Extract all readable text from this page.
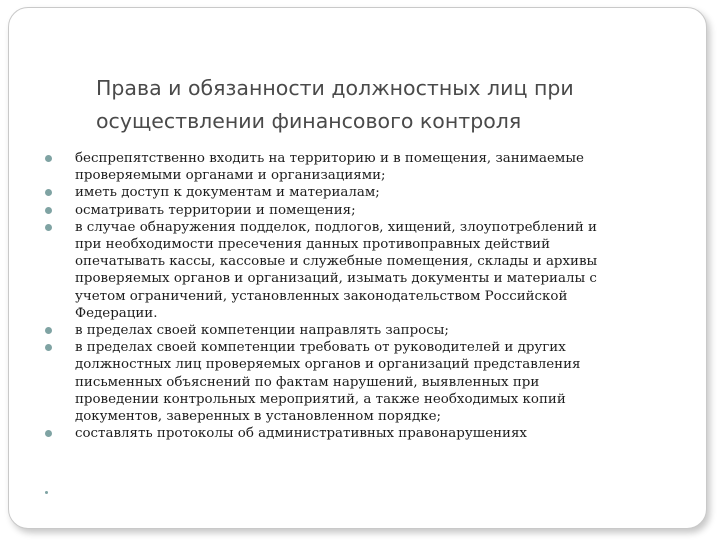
Права и обязанности должностных лиц при
осуществлении финансового контроля
беспрепятственно входить на территорию и в помещения, занимаемые
проверяемыми органами и организациями;
иметь доступ к документам и материалам;
осматривать территории и помещения;
в случае обнаружения подделок, подлогов, хищений, злоупотреблений и
при необходимости пресечения данных противоправных действий
опечатывать кассы, кассовые и служебные помещения, склады и архивы
проверяемых органов и организаций, изымать документы и материалы с
учетом ограничений, установленных законодательством Российской
Федерации.
в пределах своей компетенции направлять запросы;
в пределах своей компетенции требовать от руководителей и других
должностных лиц проверяемых органов и организаций представления
письменных объяснений по фактам нарушений, выявленных при
проведении контрольных мероприятий, а также необходимых копий
документов, заверенных в установленном порядке;
составлять протоколы об административных правонарушениях
